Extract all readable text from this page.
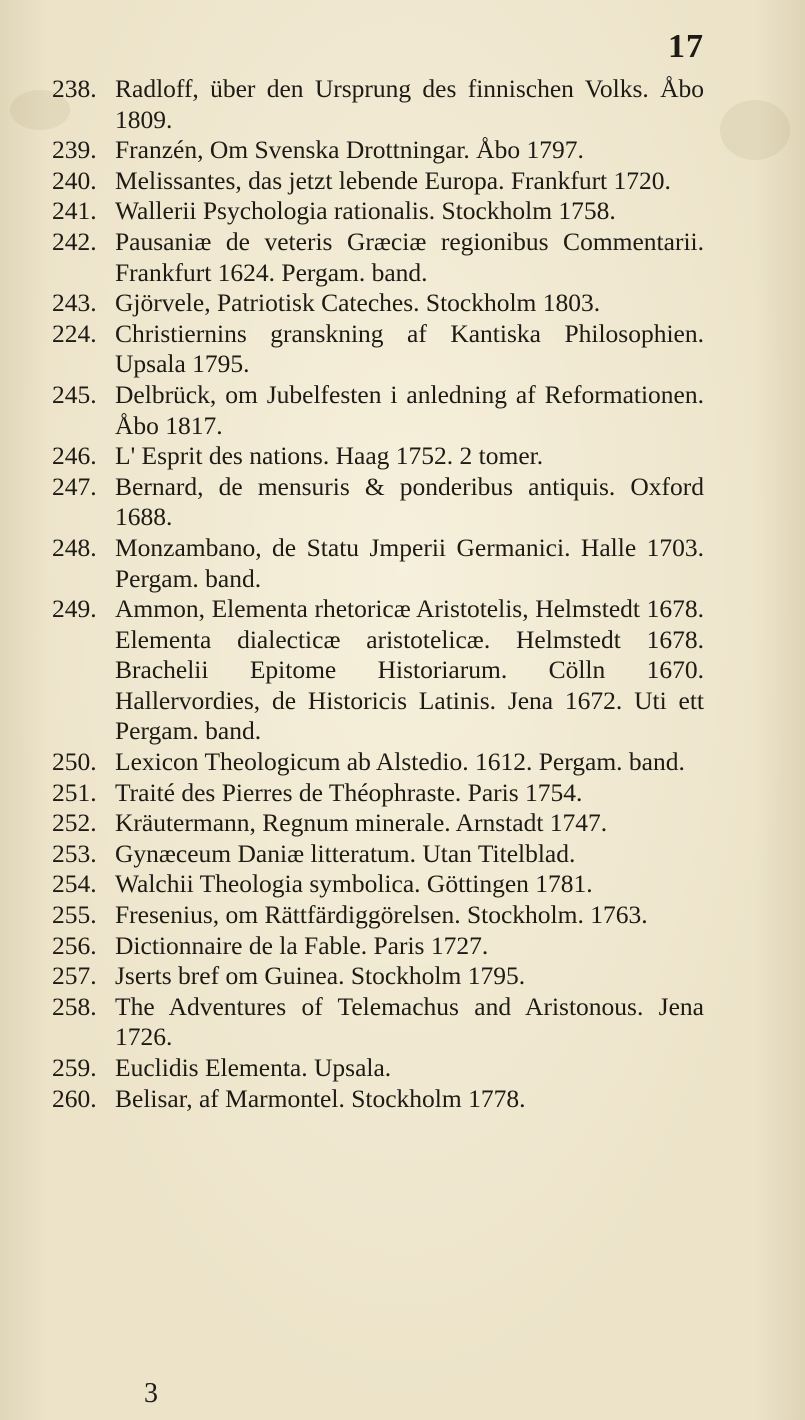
17
238. Radloff, über den Ursprung des finnischen Volks. Åbo 1809.
239. Franzén, Om Svenska Drottningar. Åbo 1797.
240. Melissantes, das jetzt lebende Europa. Frankfurt 1720.
241. Wallerii Psychologia rationalis. Stockholm 1758.
242. Pausaniæ de veteris Græciæ regionibus Commentarii. Frankfurt 1624. Pergam. band.
243. Gjörvele, Patriotisk Cateches. Stockholm 1803.
224. Christiernins granskning af Kantiska Philosophien. Upsala 1795.
245. Delbrück, om Jubelfesten i anledning af Reformationen. Åbo 1817.
246. L' Esprit des nations. Haag 1752. 2 tomer.
247. Bernard, de mensuris & ponderibus antiquis. Oxford 1688.
248. Monzambano, de Statu Jmperii Germanici. Halle 1703. Pergam. band.
249. Ammon, Elementa rhetoricæ Aristotelis, Helmstedt 1678. Elementa dialecticæ aristotelicæ. Helmstedt 1678. Brachelii Epitome Historiarum. Cölln 1670. Hallervordies, de Historicis Latinis. Jena 1672. Uti ett Pergam. band.
250. Lexicon Theologicum ab Alstedio. 1612. Pergam. band.
251. Traité des Pierres de Théophraste. Paris 1754.
252. Kräutermann, Regnum minerale. Arnstadt 1747.
253. Gynæceum Daniæ litteratum. Utan Titelblad.
254. Walchii Theologia symbolica. Göttingen 1781.
255. Fresenius, om Rättfärdiggörelsen. Stockholm. 1763.
256. Dictionnaire de la Fable. Paris 1727.
257. Jserts bref om Guinea. Stockholm 1795.
258. The Adventures of Telemachus and Aristonous. Jena 1726.
259. Euclidis Elementa. Upsala.
260. Belisar, af Marmontel. Stockholm 1778.
3
